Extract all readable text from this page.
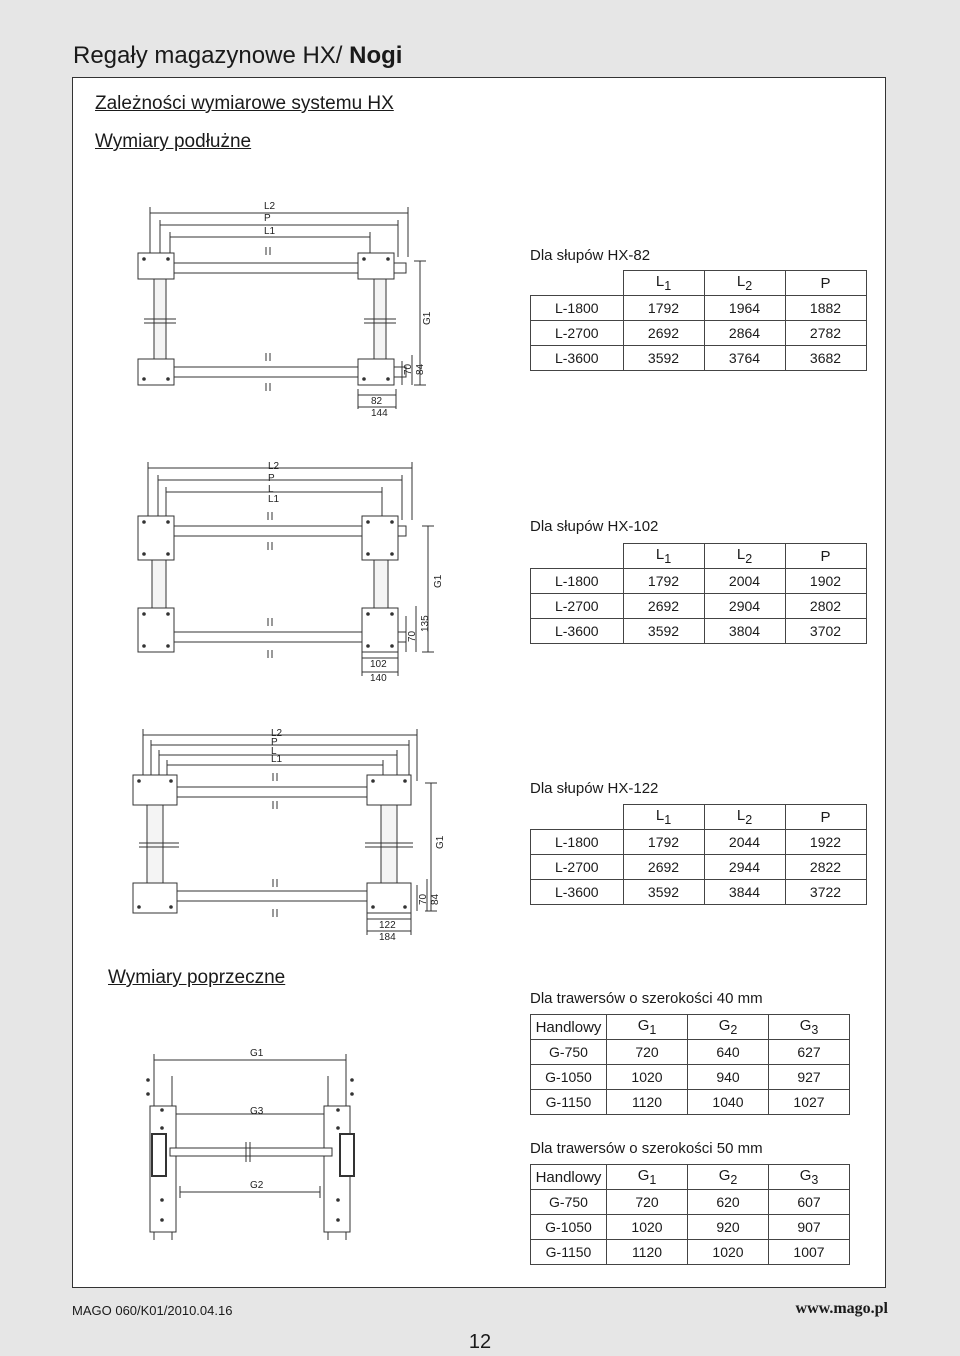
Regały magazynowe HX/ Nogi
Zależności wymiarowe systemu HX
Wymiary podłużne
Wymiary poprzeczne
L2
P
L1
82
144
G1
70 84
Dla słupów HX-82
	$L_1$	$L_2$	P
L-1800	1792	1964	1882
L-2700	2692	2864	2782
L-3600	3592	3764	3682
L2
P
L
L1
102
140
G1
70
135
Dla słupów HX-102
	$L_1$	$L_2$	P
L-1800	1792	2004	1902
L-2700	2692	2904	2802
L-3600	3592	3804	3702
L2
P
L
L1
122
184
G1
70 84
Dla słupów HX-122
	$L_1$	$L_2$	P
L-1800	1792	2044	1922
L-2700	2692	2944	2822
L-3600	3592	3844	3722
G1
G3
G2
Dla trawersów o szerokości 40 mm
Handlowy	$G_1$	$G_2$	$G_3$
G-750	720	640	627
G-1050	1020	940	927
G-1150	1120	1040	1027
Dla trawersów o szerokości 50 mm
Handlowy	$G_1$	$G_2$	$G_3$
G-750	720	620	607
G-1050	1020	920	907
G-1150	1120	1020	1007
MAGO 060/K01/2010.04.16	www.mago.pl
12
